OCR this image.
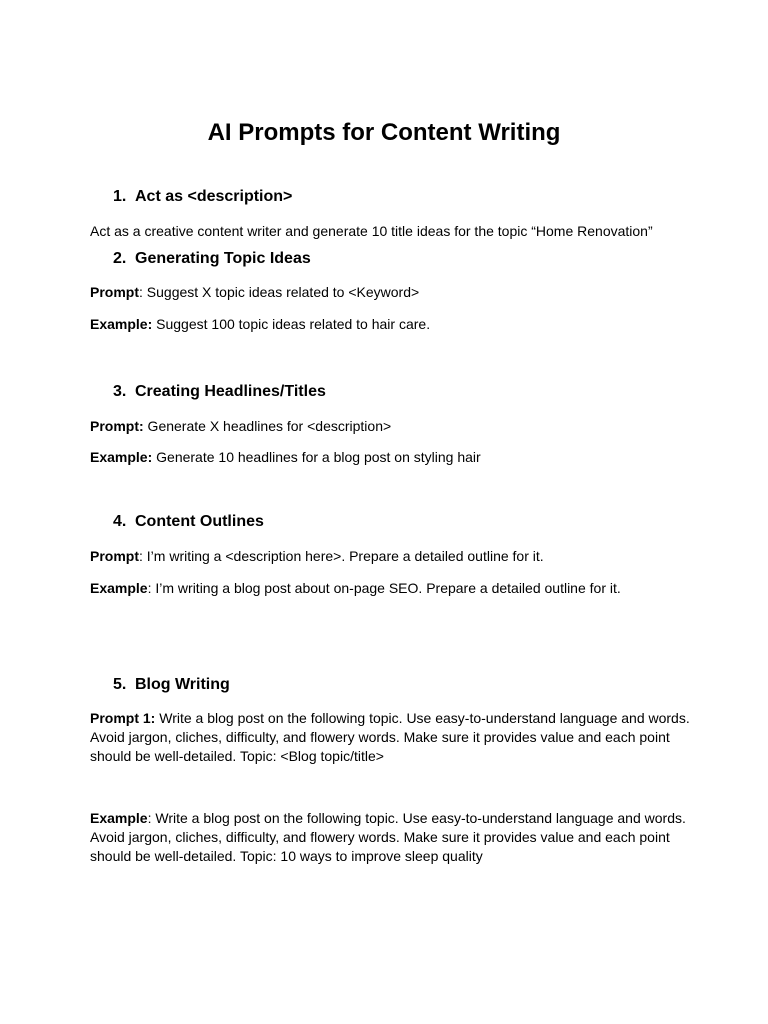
AI Prompts for Content Writing
1. Act as <description>

Act as a creative content writer and generate 10 title ideas for the topic “Home Renovation”

2. Generating Topic Ideas

Prompt: Suggest X topic ideas related to <Keyword>

Example: Suggest 100 topic ideas related to hair care.

3. Creating Headlines/Titles

Prompt: Generate X headlines for <description>

Example: Generate 10 headlines for a blog post on styling hair

4. Content Outlines

Prompt: I’m writing a <description here>. Prepare a detailed outline for it.

Example: I’m writing a blog post about on-page SEO. Prepare a detailed outline for it.

5. Blog Writing

Prompt 1: Write a blog post on the following topic. Use easy-to-understand language and words. Avoid jargon, cliches, difficulty, and flowery words. Make sure it provides value and each point should be well-detailed. Topic: <Blog topic/title>

Example: Write a blog post on the following topic. Use easy-to-understand language and words. Avoid jargon, cliches, difficulty, and flowery words. Make sure it provides value and each point should be well-detailed. Topic: 10 ways to improve sleep quality
